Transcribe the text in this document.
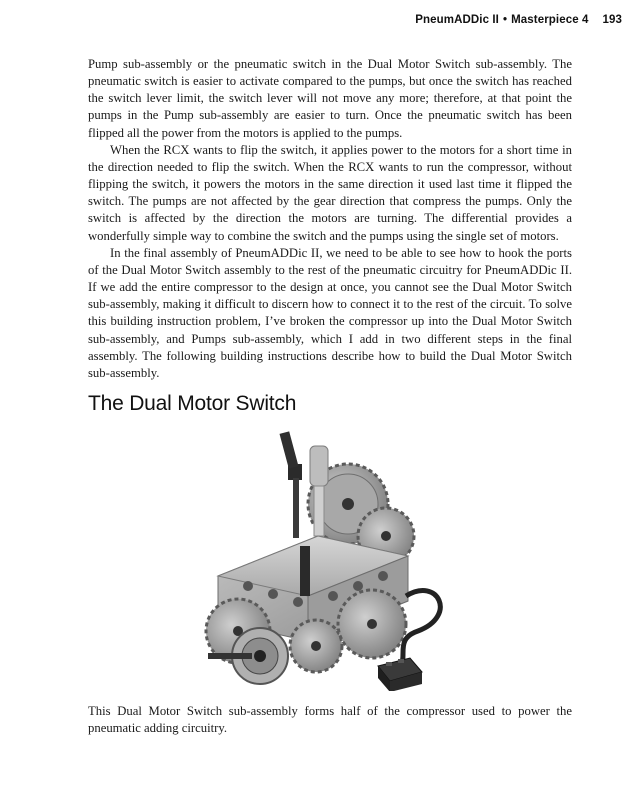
PneumADDic II • Masterpiece 4 193

Pump sub-assembly or the pneumatic switch in the Dual Motor Switch sub-assembly. The pneumatic switch is easier to activate compared to the pumps, but once the switch has reached the switch lever limit, the switch lever will not move any more; therefore, at that point the pumps in the Pump sub-assembly are easier to turn. Once the pneumatic switch has been flipped all the power from the motors is applied to the pumps.

When the RCX wants to flip the switch, it applies power to the motors for a short time in the direction needed to flip the switch. When the RCX wants to run the compressor, without flipping the switch, it powers the motors in the same direction it used last time it flipped the switch. The pumps are not affected by the gear direction that compress the pumps. Only the switch is affected by the direction the motors are turning. The differential provides a wonderfully simple way to combine the switch and the pumps using the single set of motors.

In the final assembly of PneumADDic II, we need to be able to see how to hook the ports of the Dual Motor Switch assembly to the rest of the pneumatic circuitry for PneumADDic II. If we add the entire compressor to the design at once, you cannot see the Dual Motor Switch sub-assembly, making it difficult to discern how to connect it to the rest of the circuit. To solve this building instruction problem, I’ve broken the compressor up into the Dual Motor Switch sub-assembly, and Pumps sub-assembly, which I add in two different steps in the final assembly. The following building instructions describe how to build the Dual Motor Switch sub-assembly.

The Dual Motor Switch

This Dual Motor Switch sub-assembly forms half of the compressor used to power the pneumatic adding circuitry.
